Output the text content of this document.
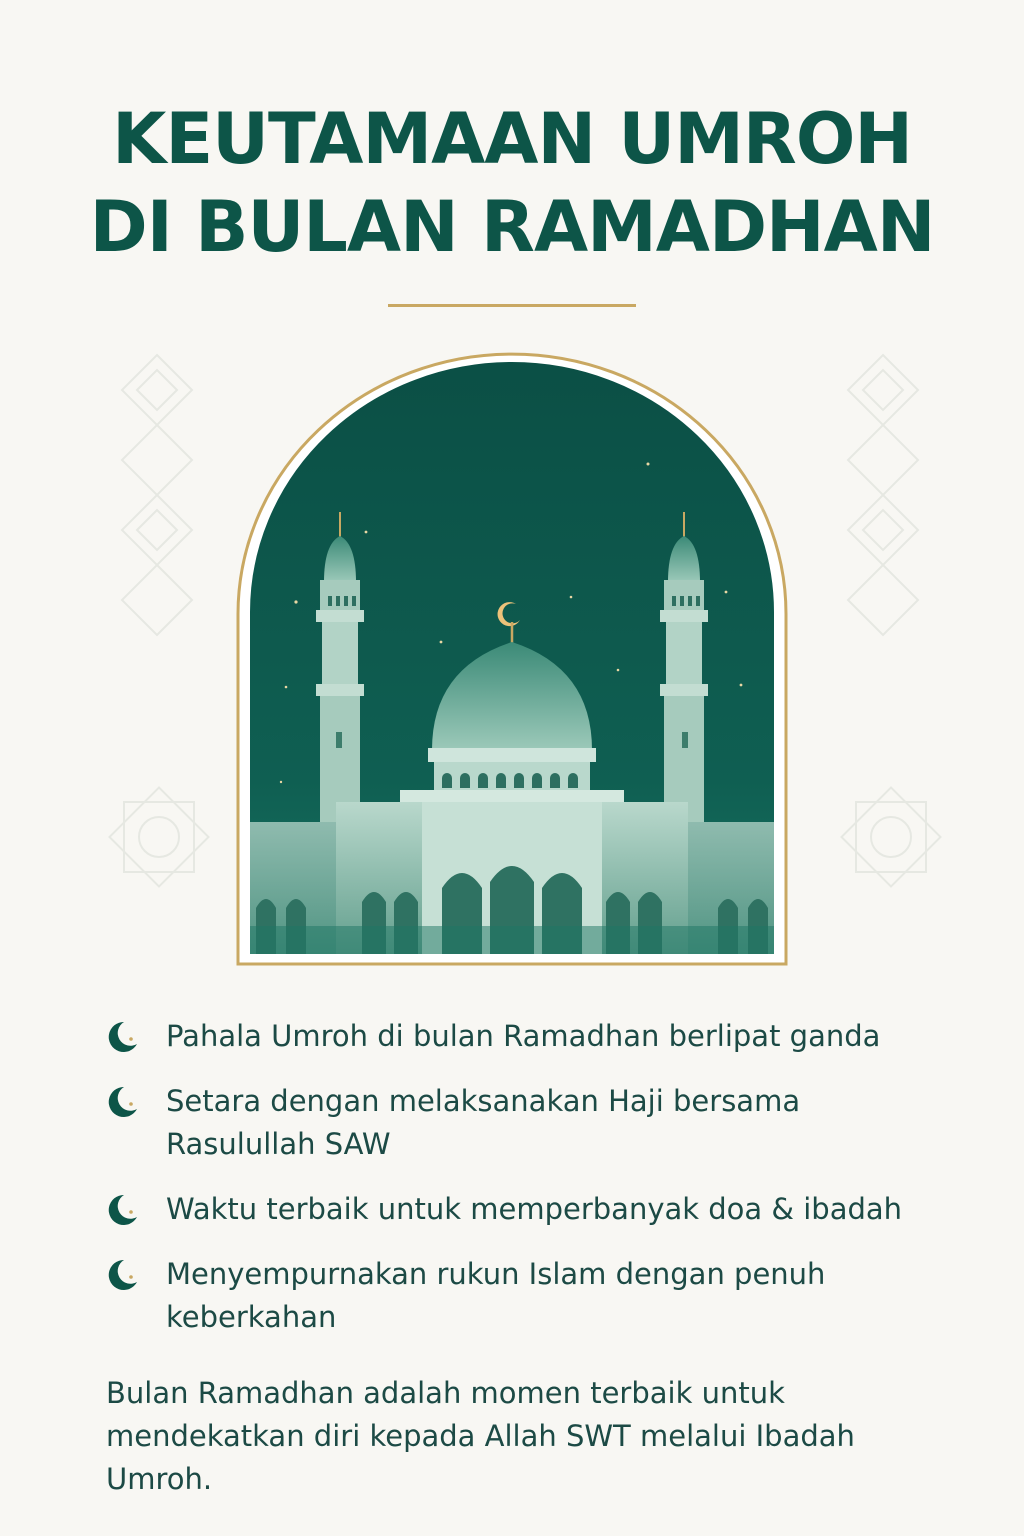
KEUTAMAAN UMROH
DI BULAN RAMADHAN
Pahala Umroh di bulan Ramadhan berlipat ganda
Setara dengan melaksanakan Haji bersama Rasulullah SAW
Waktu terbaik untuk memperbanyak doa & ibadah
Menyempurnakan rukun Islam dengan penuh keberkahan

Bulan Ramadhan adalah momen terbaik untuk mendekatkan diri kepada Allah SWT melalui Ibadah Umroh.
